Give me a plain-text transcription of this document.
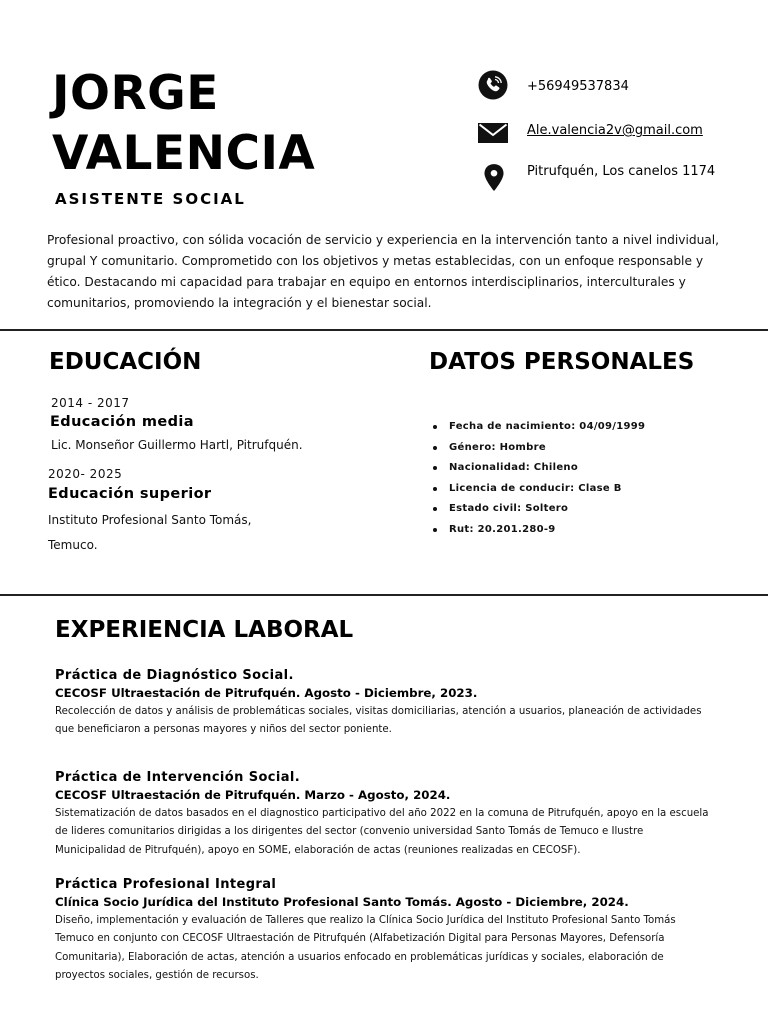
JORGE
VALENCIA
ASISTENTE SOCIAL
+56949537834
Ale.valencia2v@gmail.com
Pitrufquén, Los canelos 1174

Profesional proactivo, con sólida vocación de servicio y experiencia en la intervención tanto a nivel individual, grupal Y comunitario. Comprometido con los objetivos y metas establecidas, con un enfoque responsable y ético. Destacando mi capacidad para trabajar en equipo en entornos interdisciplinarios, interculturales y comunitarios, promoviendo la integración y el bienestar social.

EDUCACIÓN
2014 - 2017
Educación media
Lic. Monseñor Guillermo Hartl, Pitrufquén.
2020- 2025
Educación superior
Instituto Profesional Santo Tomás,
Temuco.
DATOS PERSONALES
Fecha de nacimiento: 04/09/1999
Género: Hombre
Nacionalidad: Chileno
Licencia de conducir: Clase B
Estado civil: Soltero
Rut: 20.201.280-9
EXPERIENCIA LABORAL
Práctica de Diagnóstico Social.
CECOSF Ultraestación de Pitrufquén. Agosto - Diciembre, 2023.
Recolección de datos y análisis de problemáticas sociales, visitas domiciliarias, atención a usuarios, planeación de actividades que beneficiaron a personas mayores y niños del sector poniente.
Práctica de Intervención Social.
CECOSF Ultraestación de Pitrufquén. Marzo - Agosto, 2024.
Sistematización de datos basados en el diagnostico participativo del año 2022 en la comuna de Pitrufquén, apoyo en la escuela de lideres comunitarios dirigidas a los dirigentes del sector (convenio universidad Santo Tomás de Temuco e Ilustre Municipalidad de Pitrufquén), apoyo en SOME, elaboración de actas (reuniones realizadas en CECOSF).
Práctica Profesional Integral
Clínica Socio Jurídica del Instituto Profesional Santo Tomás. Agosto - Diciembre, 2024.
Diseño, implementación y evaluación de Talleres que realizo la Clínica Socio Jurídica del Instituto Profesional Santo Tomás Temuco en conjunto con CECOSF Ultraestación de Pitrufquén (Alfabetización Digital para Personas Mayores, Defensoría Comunitaria), Elaboración de actas, atención a usuarios enfocado en problemáticas jurídicas y sociales, elaboración de proyectos sociales, gestión de recursos.
